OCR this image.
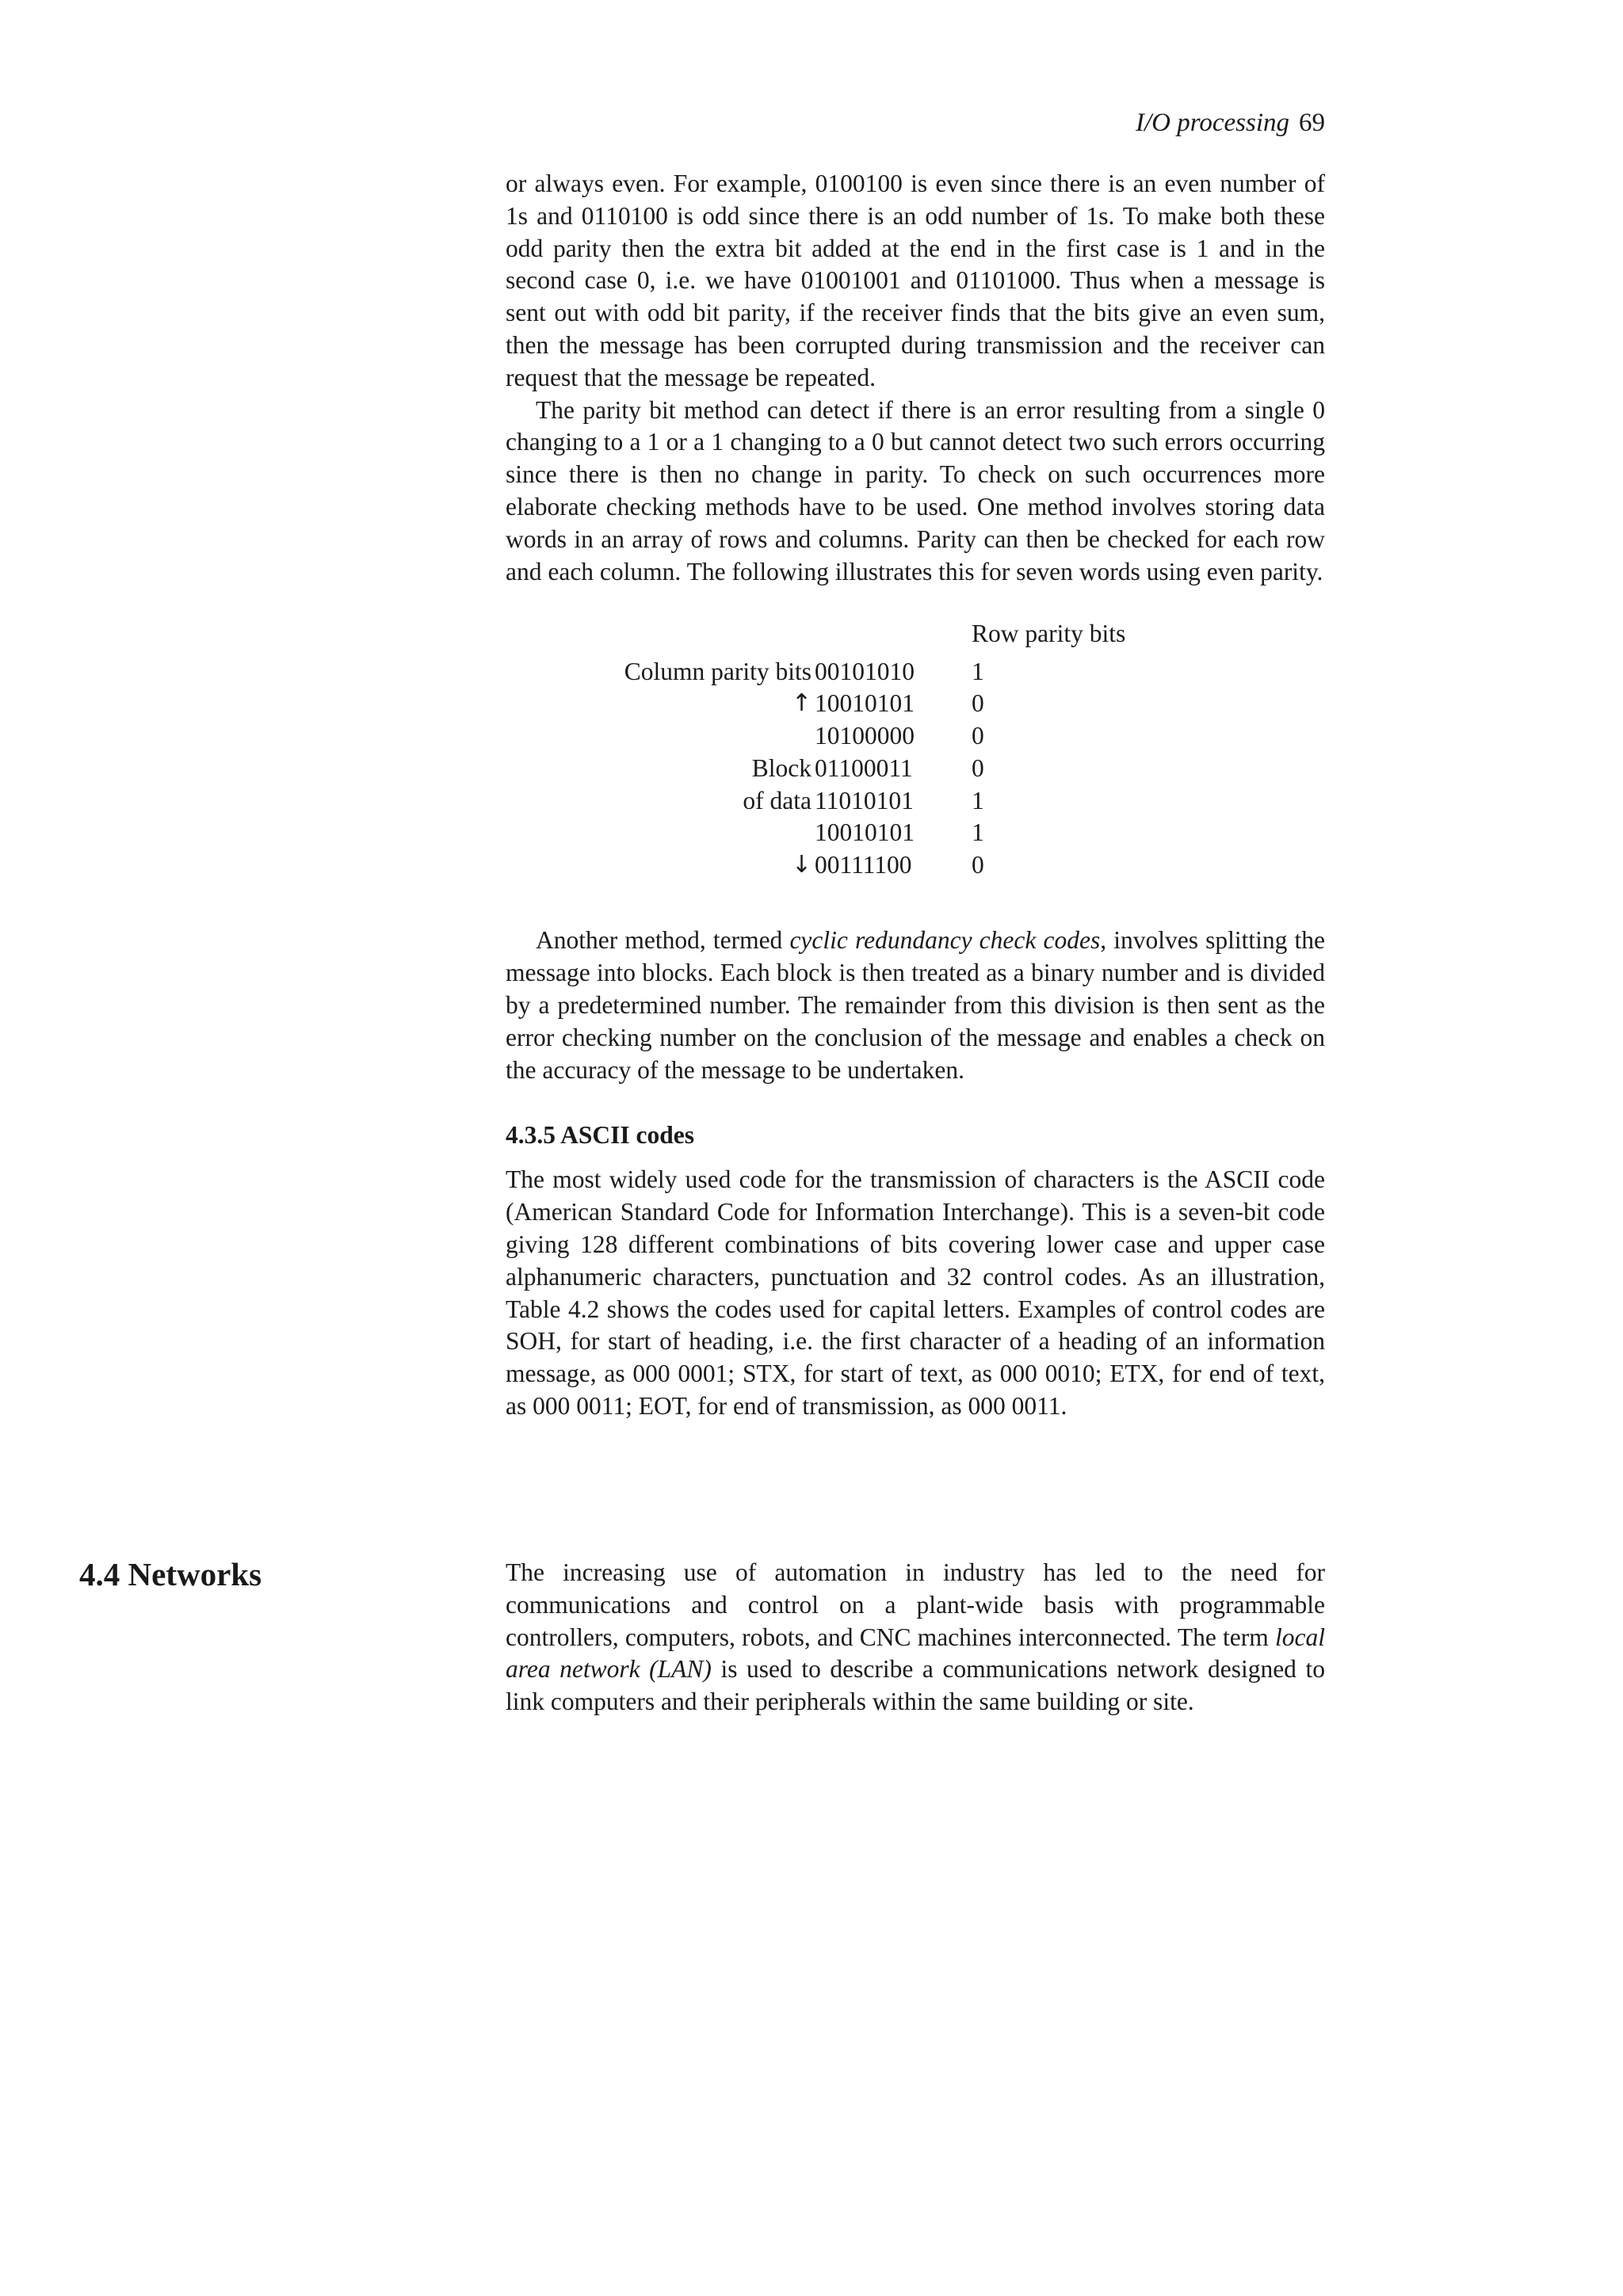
I/O processing 69

or always even. For example, 0100100 is even since there is an even number of 1s and 0110100 is odd since there is an odd number of 1s. To make both these odd parity then the extra bit added at the end in the first case is 1 and in the second case 0, i.e. we have 01001001 and 01101000. Thus when a message is sent out with odd bit parity, if the receiver finds that the bits give an even sum, then the message has been corrupted during transmission and the receiver can request that the message be repeated.

The parity bit method can detect if there is an error resulting from a single 0 changing to a 1 or a 1 changing to a 0 but cannot detect two such errors occurring since there is then no change in parity. To check on such occurrences more elaborate checking methods have to be used. One method involves storing data words in an array of rows and columns. Parity can then be checked for each row and each column. The following illustrates this for seven words using even parity.

Row parity bits
Column parity bits
↑
Block
of data
↓
00101010 1
10010101 0
10100000 0
01100011 0
11010101 1
10010101 1
00111100 0

Another method, termed cyclic redundancy check codes, involves splitting the message into blocks. Each block is then treated as a binary number and is divided by a predetermined number. The remainder from this division is then sent as the error checking number on the conclusion of the message and enables a check on the accuracy of the message to be undertaken.

4.3.5 ASCII codes

The most widely used code for the transmission of characters is the ASCII code (American Standard Code for Information Interchange). This is a seven-bit code giving 128 different combinations of bits covering lower case and upper case alphanumeric characters, punctuation and 32 control codes. As an illustration, Table 4.2 shows the codes used for capital letters. Examples of control codes are SOH, for start of heading, i.e. the first character of a heading of an information message, as 000 0001; STX, for start of text, as 000 0010; ETX, for end of text, as 000 0011; EOT, for end of transmission, as 000 0011.

4.4 Networks	The increasing use of automation in industry has led to the need for communications and control on a plant-wide basis with programmable controllers, computers, robots, and CNC machines interconnected. The term local area network (LAN) is used to describe a communications network designed to link computers and their peripherals within the same building or site.
